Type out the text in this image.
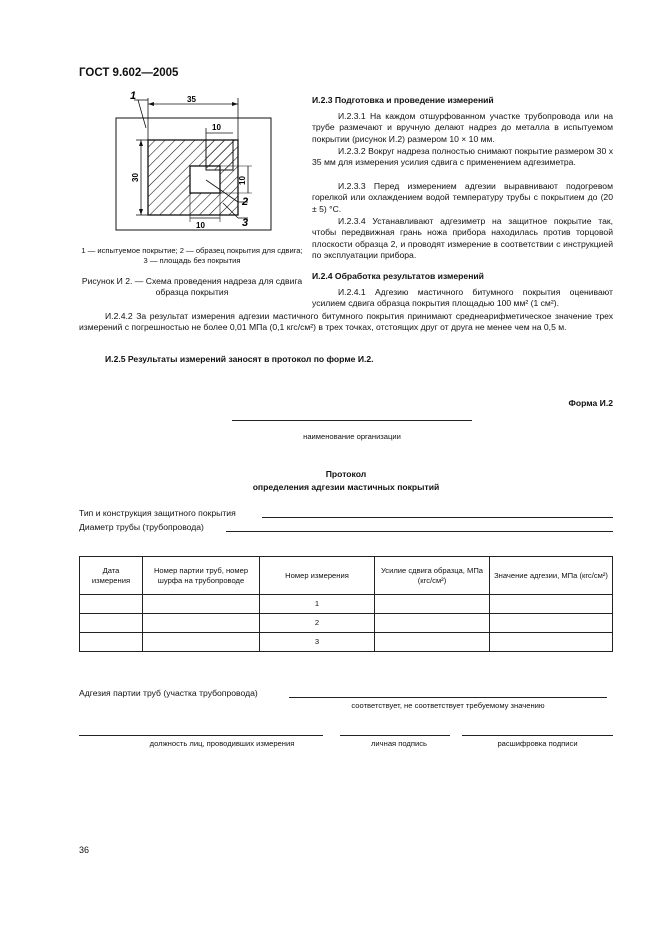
ГОСТ 9.602—2005
35
10
30	10
10
1
2
3
1 — испытуемое покрытие; 2 — образец покрытия для сдвига; 3 — площадь без покрытия
Рисунок И 2. — Схема проведения надреза для сдвига образца покрытия
И.2.3 Подготовка и проведение измерений

И.2.3.1 На каждом отшурфованном участке трубопровода или на трубе размечают и вручную делают надрез до металла в испытуемом покрытии (рисунок И.2) размером 10 × 10 мм.

И.2.3.2 Вокруг надреза полностью снимают покрытие размером 30 x 35 мм для измерения усилия сдвига с применением адгезиметра.

И.2.3.3 Перед измерением адгезии выравнивают подогревом горелкой или охлаждением водой температуру трубы с покрытием до (20 ± 5) °С.

И.2.3.4 Устанавливают адгезиметр на защитное покрытие так, чтобы передвижная грань ножа прибора находилась против торцовой плоскости образца 2, и проводят измерение в соответствии с инструкцией по эксплуатации прибора.

И.2.4 Обработка результатов измерений

И.2.4.1 Адгезию мастичного битумного покрытия оценивают усилием сдвига образца покрытия площадью 100 мм² (1 см²).

И.2.4.2 За результат измерения адгезии мастичного битумного покрытия принимают среднеарифметическое значение трех измерений с погрешностью не более 0,01 МПа (0,1 кгс/см²) в трех точках, отстоящих друг от друга не менее чем на 0,5 м.

И.2.5 Результаты измерений заносят в протокол по форме И.2.
Форма И.2
наименование организации
Протокол
определения адгезии мастичных покрытий
Тип и конструкция защитного покрытия
Диаметр трубы (трубопровода)
Дата измерения	Номер партии труб, номер шурфа на трубопроводе	Номер измерения	Усилие сдвига образца, МПа (кгс/см²)	Значение адгезии, МПа (кгс/см²)
		1		
		2		
		3		
Адгезия партии труб (участка трубопровода)
соответствует, не соответствует требуемому значению
должность лиц, проводивших измерения	личная подпись	расшифровка подписи
36
